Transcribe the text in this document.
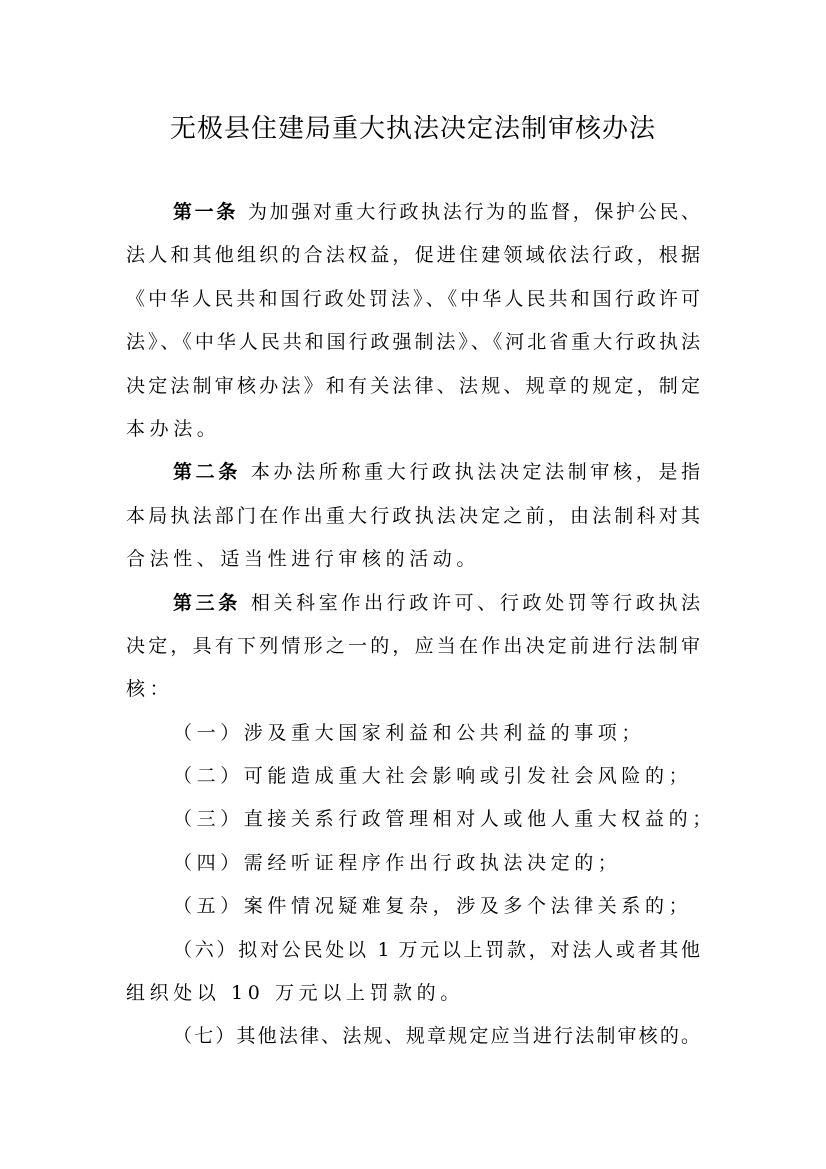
无极县住建局重大执法决定法制审核办法
第一条 为加强对重大行政执法行为的监督，保护公民、
法人和其他组织的合法权益，促进住建领域依法行政，根据
《中华人民共和国行政处罚法》、《中华人民共和国行政许可
法》、《中华人民共和国行政强制法》、《河北省重大行政执法
决定法制审核办法》和有关法律、法规、规章的规定，制定
本办法。
第二条 本办法所称重大行政执法决定法制审核，是指
本局执法部门在作出重大行政执法决定之前，由法制科对其
合法性、适当性进行审核的活动。
第三条 相关科室作出行政许可、行政处罚等行政执法
决定，具有下列情形之一的，应当在作出决定前进行法制审
核：
（一）涉及重大国家利益和公共利益的事项；
（二）可能造成重大社会影响或引发社会风险的；
（三）直接关系行政管理相对人或他人重大权益的；
（四）需经听证程序作出行政执法决定的；
（五）案件情况疑难复杂，涉及多个法律关系的；
（六）拟对公民处以 1 万元以上罚款，对法人或者其他
组织处以 10 万元以上罚款的。
（七）其他法律、法规、规章规定应当进行法制审核的。
